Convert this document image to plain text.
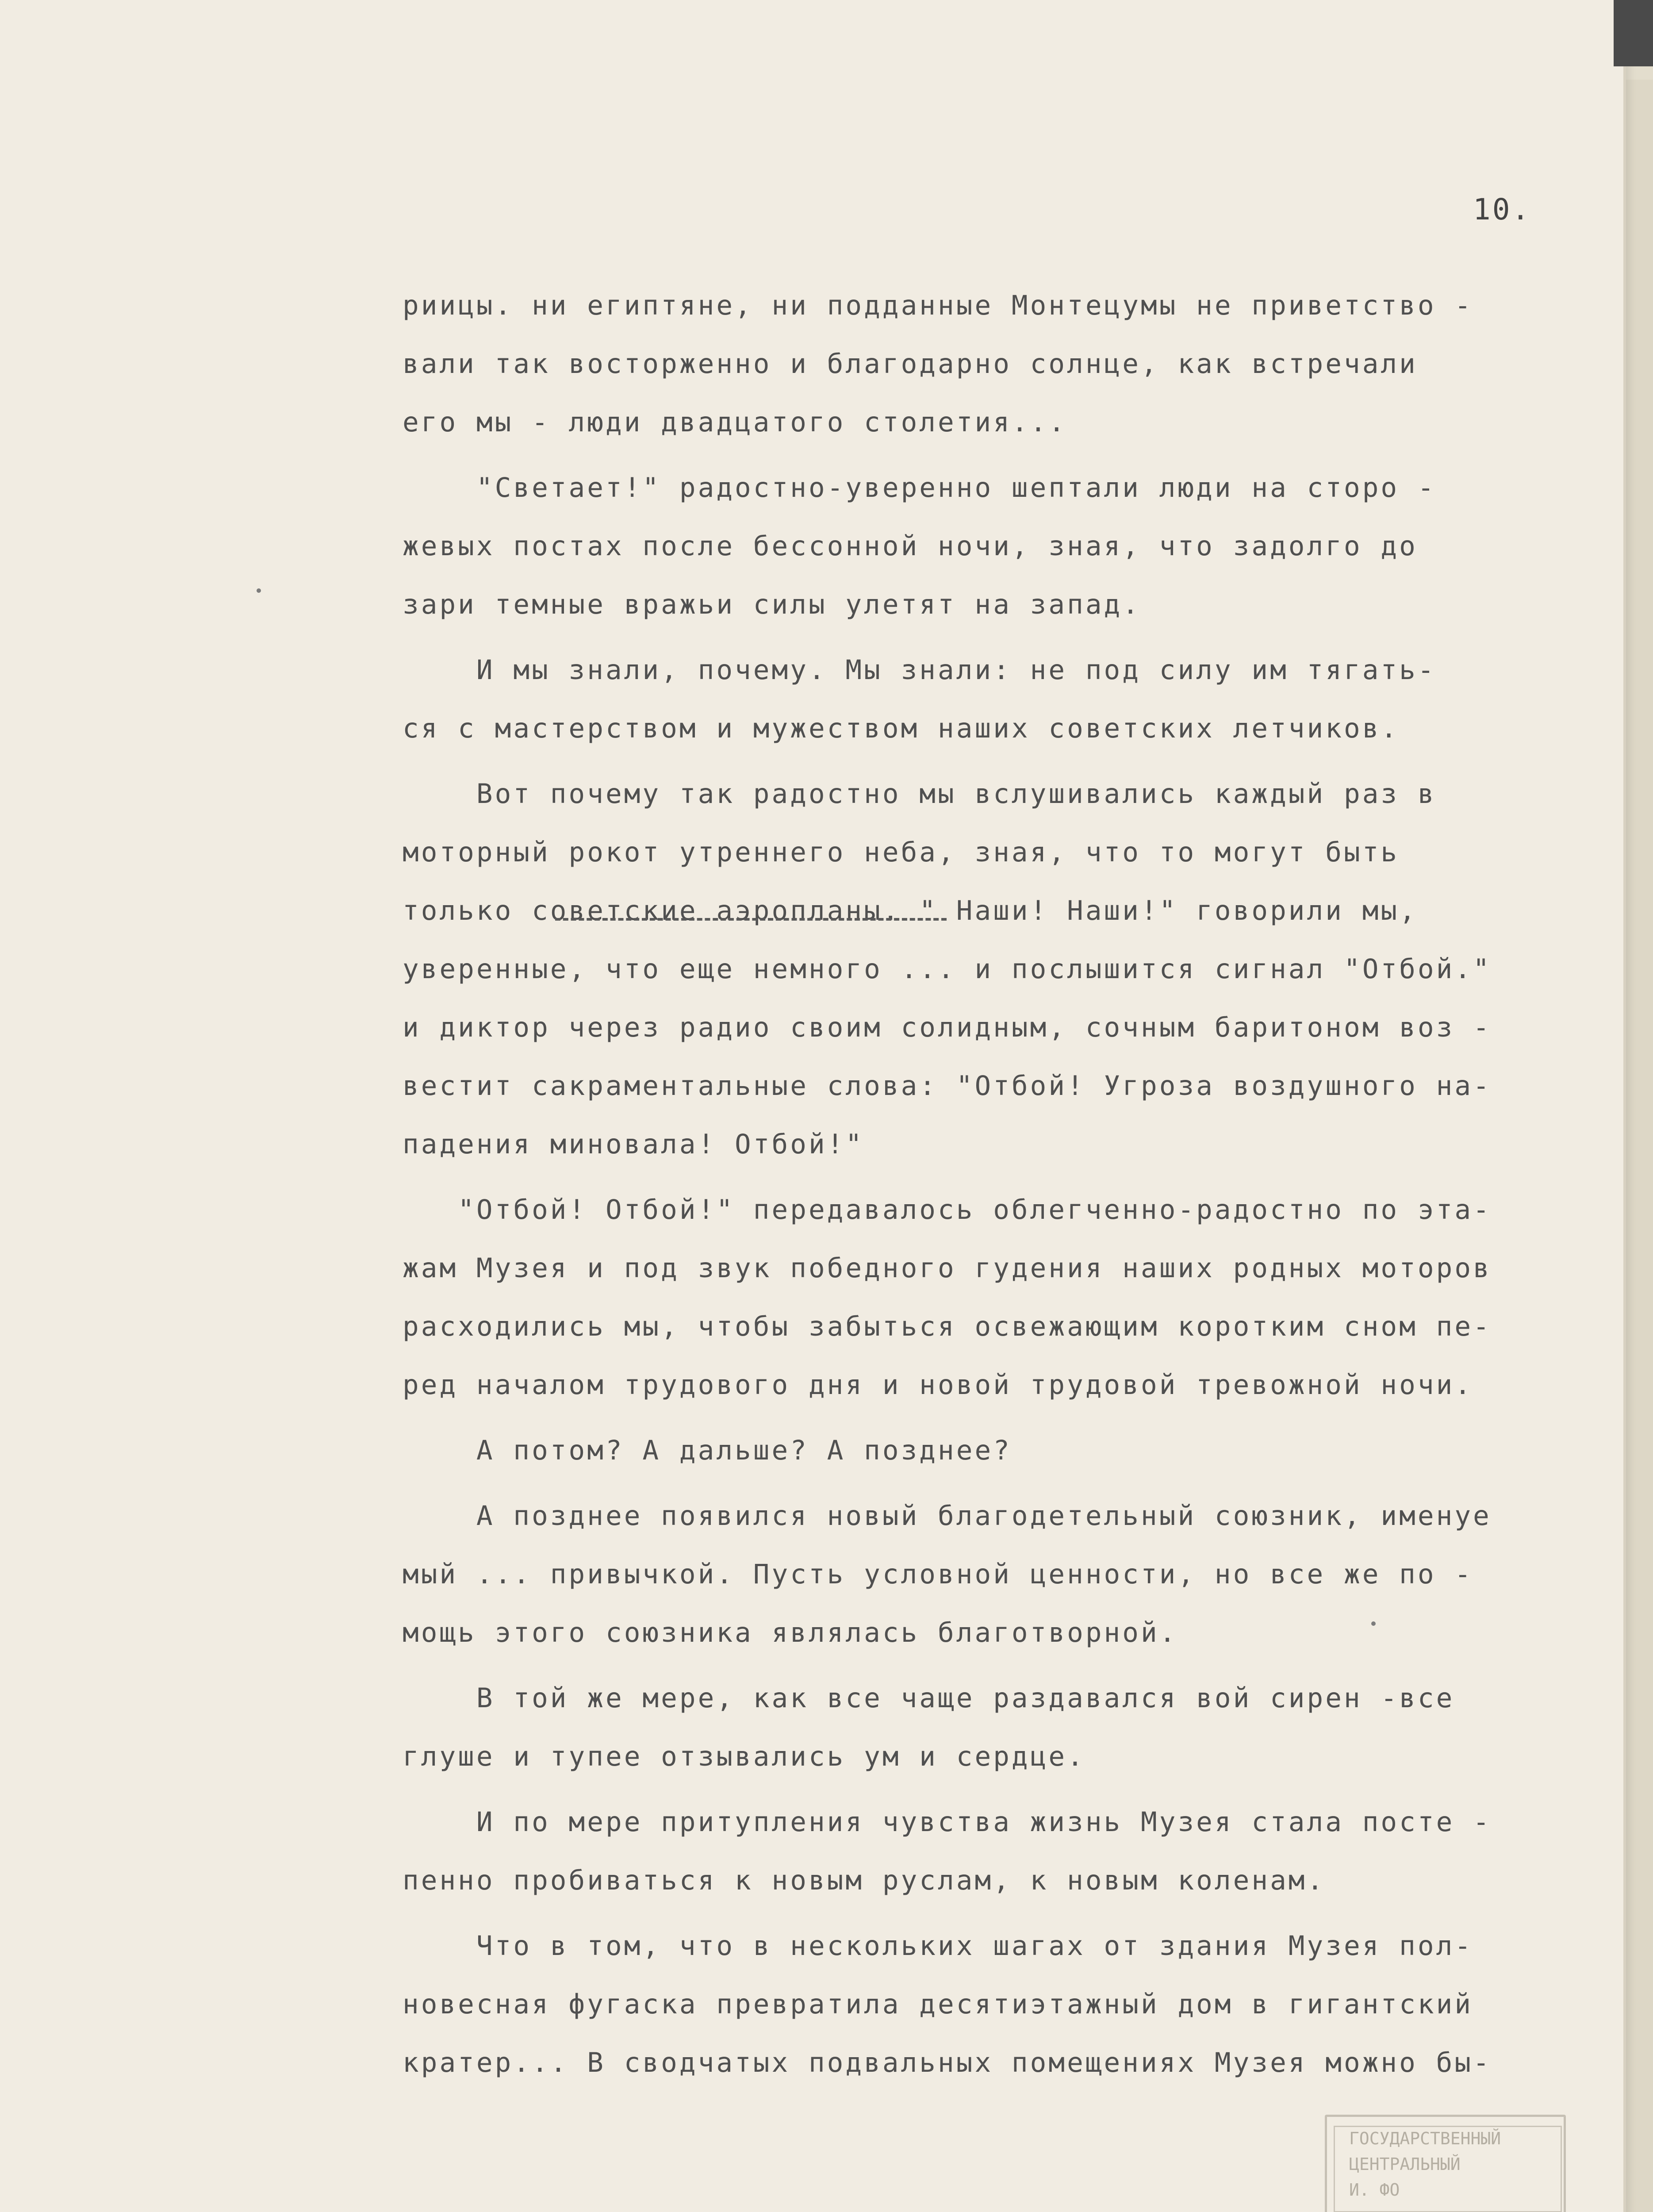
10.
риицы. ни египтяне, ни подданные Монтецумы не приветство -
вали так восторженно и благодарно солнце, как встречали
его мы - люди двадцатого столетия...
"Светает!" радостно-уверенно шептали люди на сторо -
жевых постах после бессонной ночи, зная, что задолго до
зари темные вражьи силы улетят на запад.
И мы знали, почему. Мы знали: не под силу им тягать-
ся с мастерством и мужеством наших советских летчиков.
Вот почему так радостно мы вслушивались каждый раз в
моторный рокот утреннего неба, зная, что то могут быть
только советские аэропланы. " Наши! Наши!" говорили мы,
уверенные, что еще немного ... и послышится сигнал "Отбой."
и диктор через радио своим солидным, сочным баритоном воз -
вестит сакраментальные слова: "Отбой! Угроза воздушного на-
падения миновала! Отбой!"
"Отбой! Отбой!" передавалось облегченно-радостно по эта-
жам Музея и под звук победного гудения наших родных моторов
расходились мы, чтобы забыться освежающим коротким сном пе-
ред началом трудового дня и новой трудовой тревожной ночи.
А потом? А дальше? А позднее?
А позднее появился новый благодетельный союзник, именуе
мый ... привычкой. Пусть условной ценности, но все же по -
мощь этого союзника являлась благотворной.
В той же мере, как все чаще раздавался вой сирен -все
глуше и тупее отзывались ум и сердце.
И по мере притупления чувства жизнь Музея стала посте -
пенно пробиваться к новым руслам, к новым коленам.
Что в том, что в нескольких шагах от здания Музея пол-
новесная фугаска превратила десятиэтажный дом в гигантский
кратер... В сводчатых подвальных помещениях Музея можно бы-
ГОСУДАРСТВЕННЫЙ
ЦЕНТРАЛЬНЫЙ
И. ФО
